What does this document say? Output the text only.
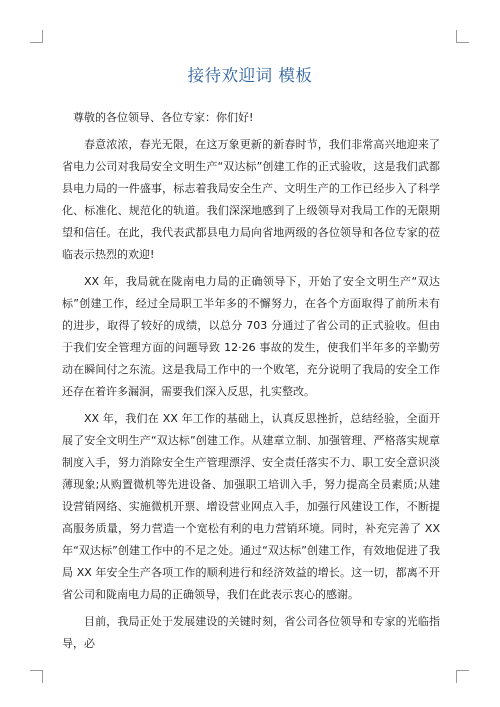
接待欢迎词 模板

尊敬的各位领导、各位专家：你们好!

春意浓浓，春光无限，在这万象更新的新春时节，我们非常高兴地迎来了省电力公司对我局安全文明生产“双达标”创建工作的正式验收，这是我们武都县电力局的一件盛事，标志着我局安全生产、文明生产的工作已经步入了科学化、标准化、规范化的轨道。我们深深地感到了上级领导对我局工作的无限期望和信任。在此，我代表武都县电力局向省地两级的各位领导和各位专家的莅临表示热烈的欢迎!

XX 年，我局就在陇南电力局的正确领导下，开始了安全文明生产“双达标”创建工作，经过全局职工半年多的不懈努力，在各个方面取得了前所未有的进步，取得了较好的成绩，以总分 703 分通过了省公司的正式验收。但由于我们安全管理方面的问题导致 12·26 事故的发生，使我们半年多的辛勤劳动在瞬间付之东流。这是我局工作中的一个败笔，充分说明了我局的安全工作还存在着许多漏洞，需要我们深入反思，扎实整改。

XX 年，我们在 XX 年工作的基础上，认真反思挫折，总结经验，全面开展了安全文明生产“双达标”创建工作。从建章立制、加强管理、严格落实规章制度入手，努力消除安全生产管理漂浮、安全责任落实不力、职工安全意识淡薄现象;从购置微机等先进设备、加强职工培训入手，努力提高全员素质;从建设营销网络、实施微机开票、增设营业网点入手，加强行风建设工作，不断提高服务质量，努力营造一个宽松有利的电力营销环境。同时，补充完善了 XX 年“双达标”创建工作中的不足之处。通过“双达标”创建工作，有效地促进了我局 XX 年安全生产各项工作的顺利进行和经济效益的增长。这一切，都离不开省公司和陇南电力局的正确领导，我们在此表示衷心的感谢。

目前，我局正处于发展建设的关键时刻，省公司各位领导和专家的光临指导，必
